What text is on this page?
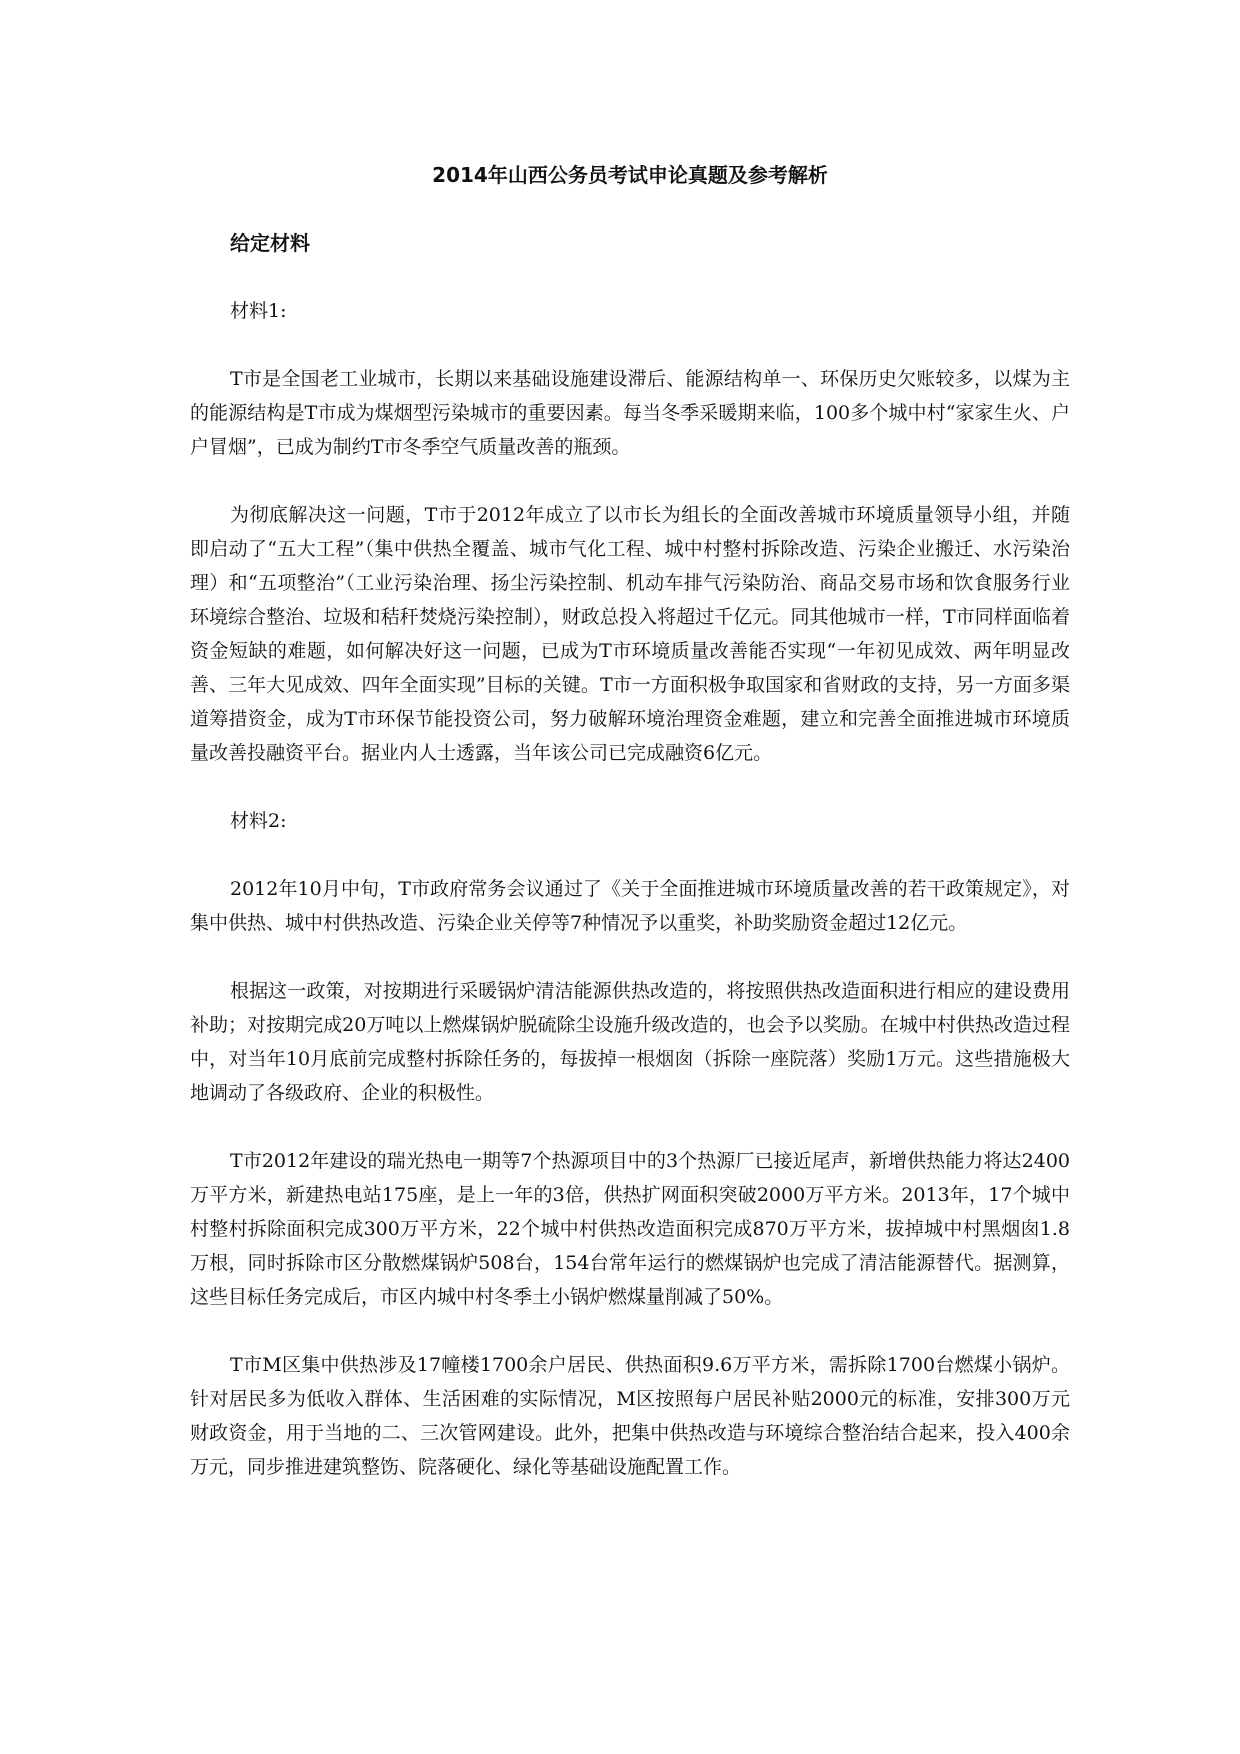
2014年山西公务员考试申论真题及参考解析
给定材料
材料1:

T市是全国老工业城市，长期以来基础设施建设滞后、能源结构单一、环保历史欠账较多，以煤为主的能源结构是T市成为煤烟型污染城市的重要因素。每当冬季采暖期来临，100多个城中村“家家生火、户户冒烟”，已成为制约T市冬季空气质量改善的瓶颈。

为彻底解决这一问题，T市于2012年成立了以市长为组长的全面改善城市环境质量领导小组，并随即启动了“五大工程”（集中供热全覆盖、城市气化工程、城中村整村拆除改造、污染企业搬迁、水污染治理）和“五项整治”（工业污染治理、扬尘污染控制、机动车排气污染防治、商品交易市场和饮食服务行业环境综合整治、垃圾和秸秆焚烧污染控制），财政总投入将超过千亿元。同其他城市一样，T市同样面临着资金短缺的难题，如何解决好这一问题，已成为T市环境质量改善能否实现“一年初见成效、两年明显改善、三年大见成效、四年全面实现”目标的关键。T市一方面积极争取国家和省财政的支持，另一方面多渠道筹措资金，成为T市环保节能投资公司，努力破解环境治理资金难题，建立和完善全面推进城市环境质量改善投融资平台。据业内人士透露，当年该公司已完成融资6亿元。

材料2:

2012年10月中旬，T市政府常务会议通过了《关于全面推进城市环境质量改善的若干政策规定》，对集中供热、城中村供热改造、污染企业关停等7种情况予以重奖，补助奖励资金超过12亿元。

根据这一政策，对按期进行采暖锅炉清洁能源供热改造的，将按照供热改造面积进行相应的建设费用补助；对按期完成20万吨以上燃煤锅炉脱硫除尘设施升级改造的，也会予以奖励。在城中村供热改造过程中，对当年10月底前完成整村拆除任务的，每拔掉一根烟囱（拆除一座院落）奖励1万元。这些措施极大地调动了各级政府、企业的积极性。

T市2012年建设的瑞光热电一期等7个热源项目中的3个热源厂已接近尾声，新增供热能力将达2400万平方米，新建热电站175座，是上一年的3倍，供热扩网面积突破2000万平方米。2013年，17个城中村整村拆除面积完成300万平方米，22个城中村供热改造面积完成870万平方米，拔掉城中村黑烟囱1.8万根，同时拆除市区分散燃煤锅炉508台，154台常年运行的燃煤锅炉也完成了清洁能源替代。据测算，这些目标任务完成后，市区内城中村冬季土小锅炉燃煤量削减了50%。

T市M区集中供热涉及17幢楼1700余户居民、供热面积9.6万平方米，需拆除1700台燃煤小锅炉。针对居民多为低收入群体、生活困难的实际情况，M区按照每户居民补贴2000元的标准，安排300万元财政资金，用于当地的二、三次管网建设。此外，把集中供热改造与环境综合整治结合起来，投入400余万元，同步推进建筑整饬、院落硬化、绿化等基础设施配置工作。
